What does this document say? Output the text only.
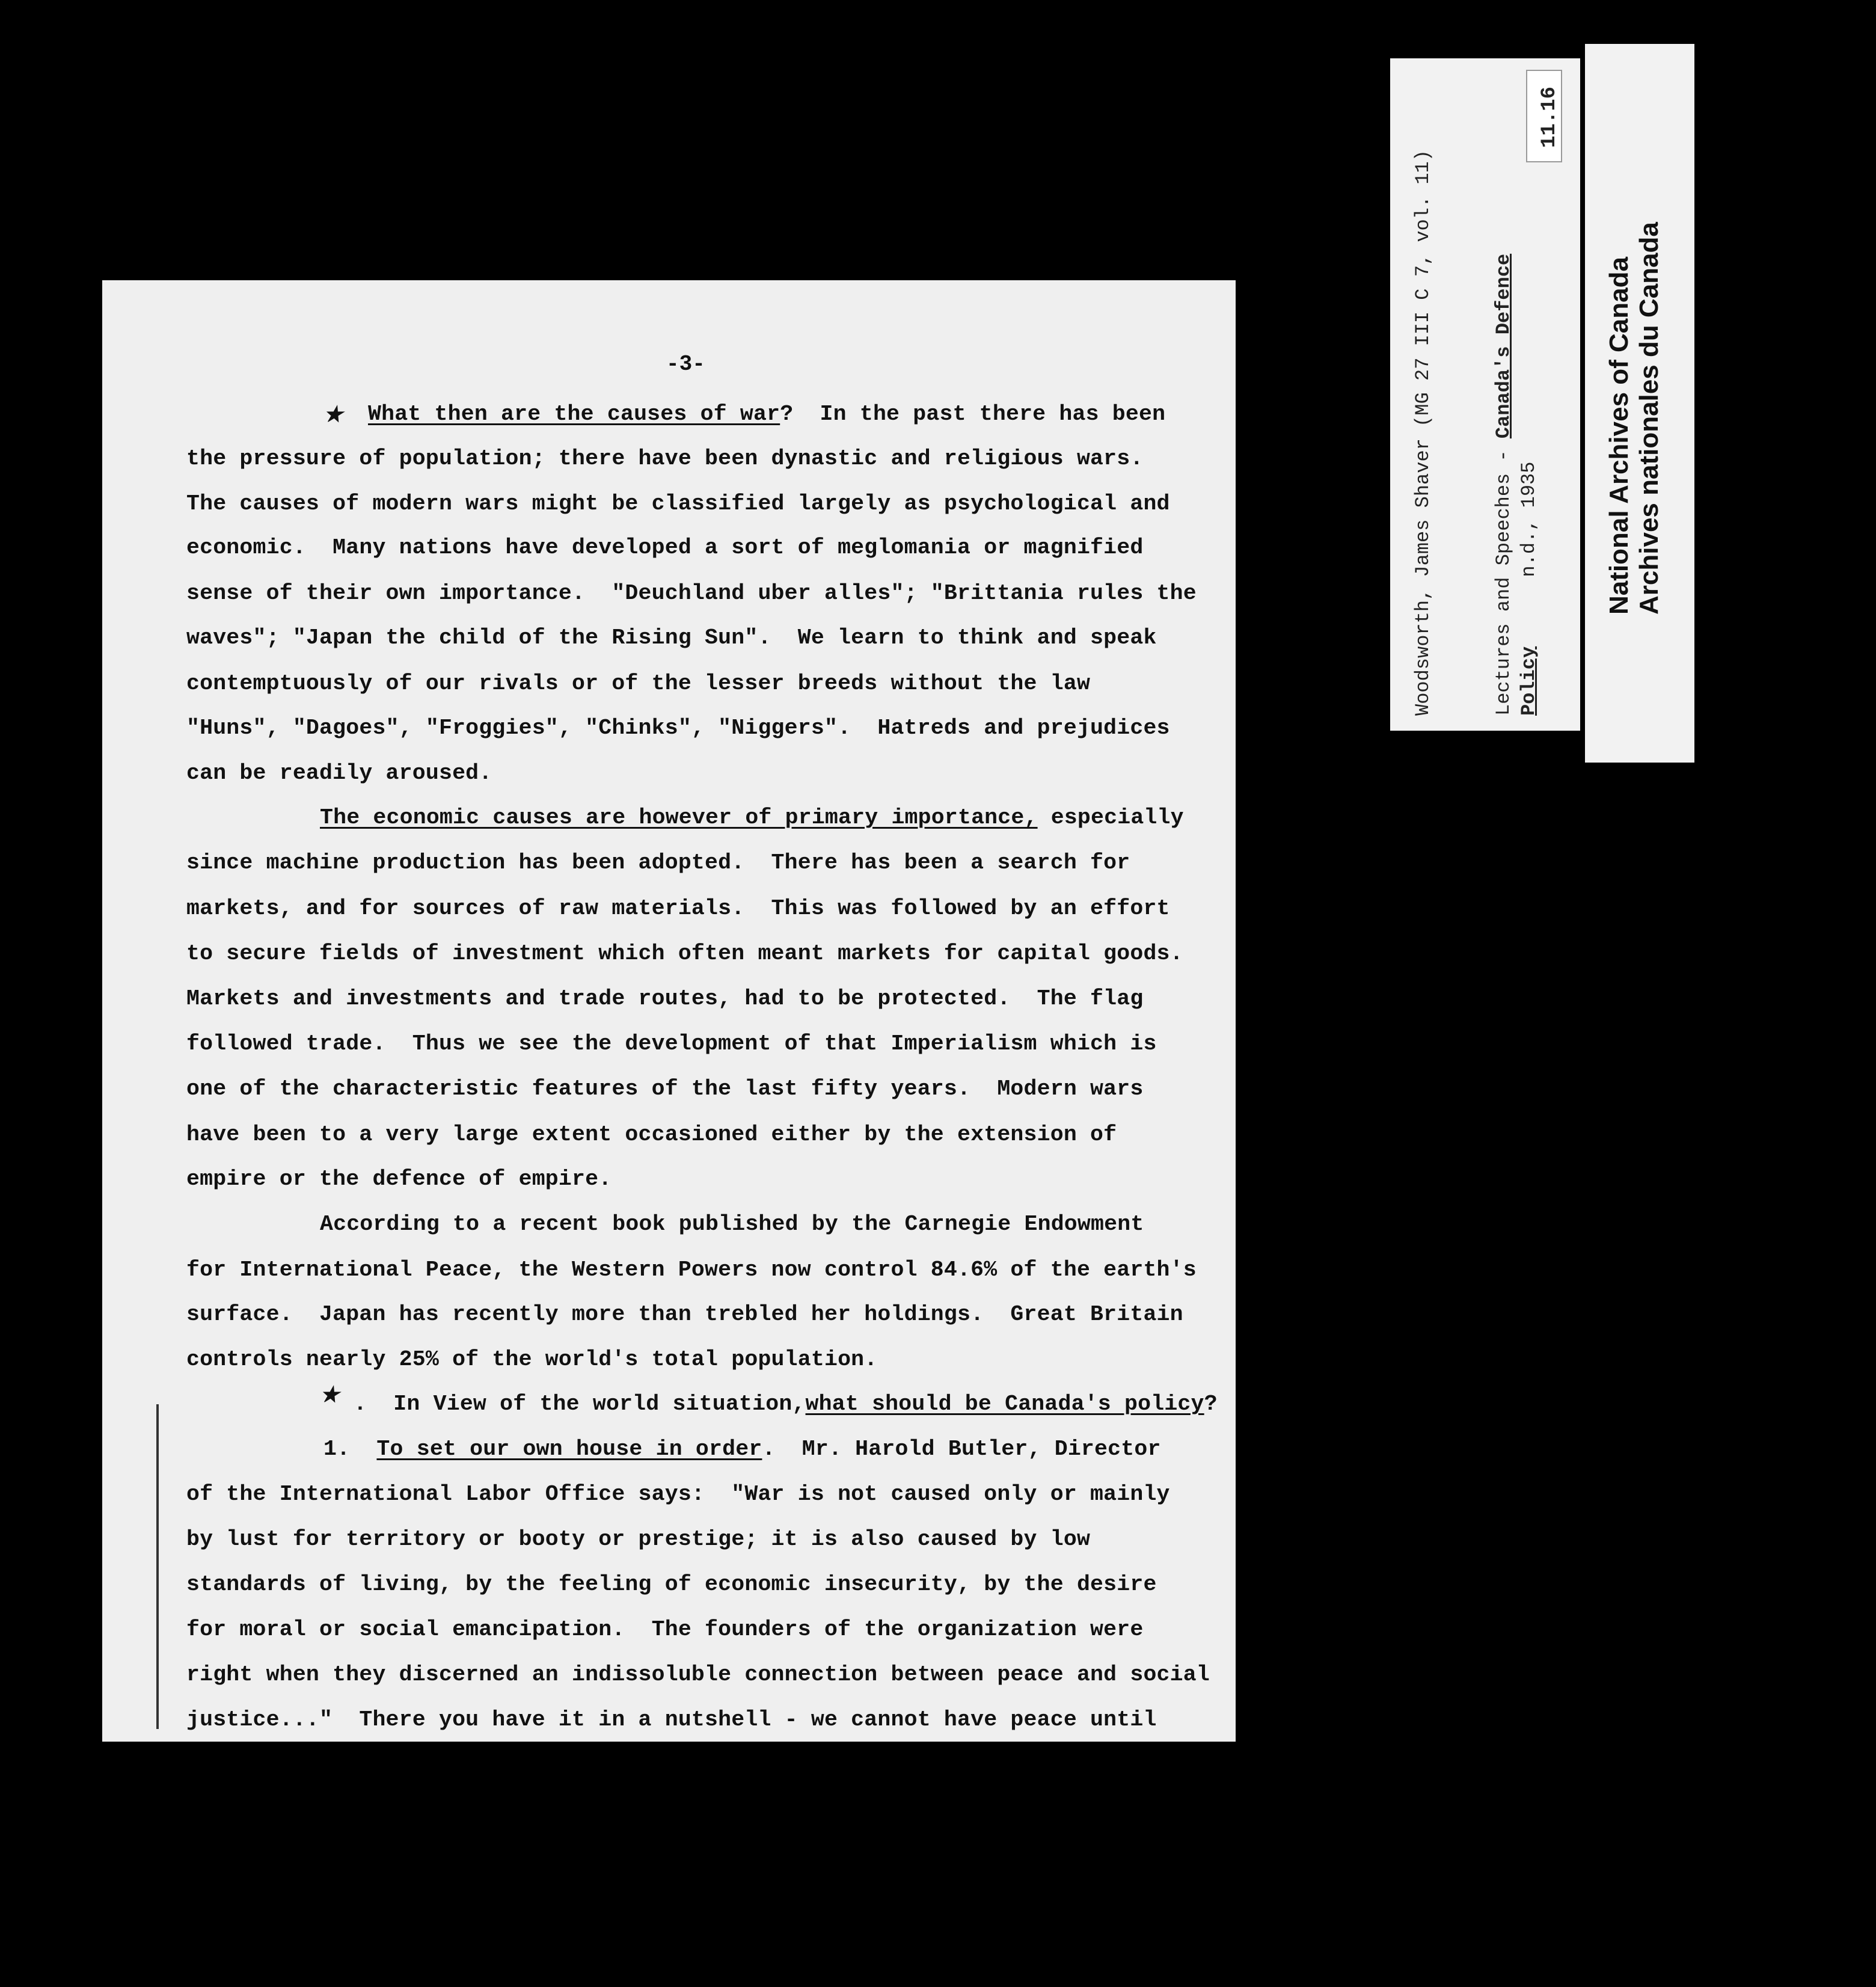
-3-
★
★
What then are the causes of war?  In the past there has been
the pressure of population; there have been dynastic and religious wars.
The causes of modern wars might be classified largely as psychological and
economic.  Many nations have developed a sort of meglomania or magnified
sense of their own importance.  "Deuchland uber alles"; "Brittania rules the
waves"; "Japan the child of the Rising Sun".  We learn to think and speak
contemptuously of our rivals or of the lesser breeds without the law
"Huns", "Dagoes", "Froggies", "Chinks", "Niggers".  Hatreds and prejudices
can be readily aroused.
The economic causes are however of primary importance, especially
since machine production has been adopted.  There has been a search for
markets, and for sources of raw materials.  This was followed by an effort
to secure fields of investment which often meant markets for capital goods.
Markets and investments and trade routes, had to be protected.  The flag
followed trade.  Thus we see the development of that Imperialism which is
one of the characteristic features of the last fifty years.  Modern wars
have been to a very large extent occasioned either by the extension of
empire or the defence of empire.
According to a recent book published by the Carnegie Endowment
for International Peace, the Western Powers now control 84.6% of the earth's
surface.  Japan has recently more than trebled her holdings.  Great Britain
controls nearly 25% of the world's total population.
.  In View of the world situation,what should be Canada's policy?
1.  To set our own house in order.  Mr. Harold Butler, Director
of the International Labor Office says:  "War is not caused only or mainly
by lust for territory or booty or prestige; it is also caused by low
standards of living, by the feeling of economic insecurity, by the desire
for moral or social emancipation.  The founders of the organization were
right when they discerned an indissoluble connection between peace and social
justice..."  There you have it in a nutshell - we cannot have peace until
Woodsworth, James Shaver (MG 27 III C 7, vol. 11)	Lectures and Speeches - Canada's Defence
Policy      n.d., 1935
11.16
National Archives of Canada Archives nationales du Canada
